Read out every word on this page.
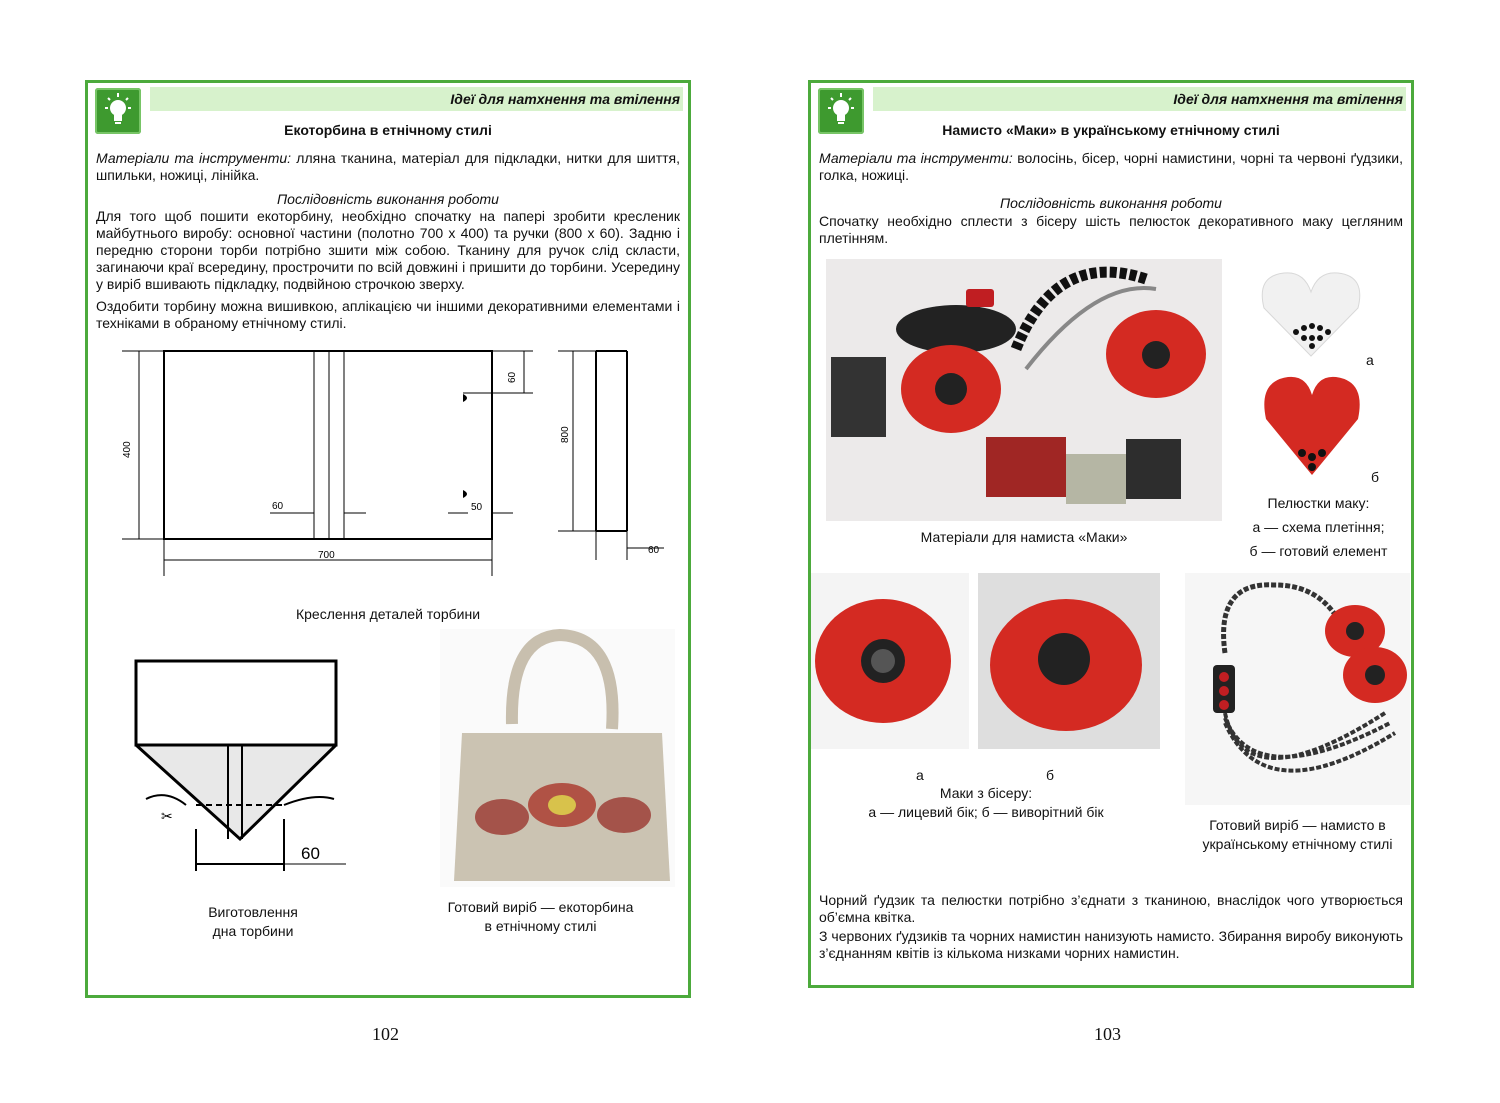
Ідеї для натхнення та втілення
Екоторбина в етнічному стилі
Матеріали та інструменти: лляна тканина, матеріал для підкладки, нитки для шиття, шпильки, ножиці, лінійка.
Послідовність виконання роботи
Для того щоб пошити екоторбину, необхідно спочатку на папері зробити кресленик майбутнього виробу: основної частини (полотно 700 х 400) та ручки (800 х 60). Задню і передню сторони торби потрібно зшити між собою. Тканину для ручок слід скласти, загинаючи краї всередину, прострочити по всій довжині і пришити до торбини. Усередину у виріб вшивають підкладку, подвійною строчкою зверху.
Оздобити торбину можна вишивкою, аплікацією чи іншими декоративними елементами і техніками в обраному етнічному стилі.
400
700
60
60	50
800
60
Креслення деталей торбини
✂
60
Виготовлення
дна торбини
Готовий виріб — екоторбина
в етнічному стилі
102
Ідеї для натхнення та втілення
Намисто «Маки» в українському етнічному стилі
Матеріали та інструменти: волосінь, бісер, чорні намистини, чорні та червоні ґудзики, голка, ножиці.
Послідовність виконання роботи
Спочатку необхідно сплести з бісеру шість пелюсток декоративного маку цегляним плетінням.
Матеріали для намиста «Маки»
а
б
Пелюстки маку:
а — схема плетіння;
б — готовий елемент
а	б
Маки з бісеру:
а — лицевий бік; б — виворітний бік
Готовий виріб — намисто в
українському етнічному стилі
Чорний ґудзик та пелюстки потрібно з’єднати з тканиною, внаслідок чого утворюється об’ємна квітка.
З червоних ґудзиків та чорних намистин нанизують намисто. Збирання виробу виконують з’єднанням квітів із кількома низками чорних намистин.
103
